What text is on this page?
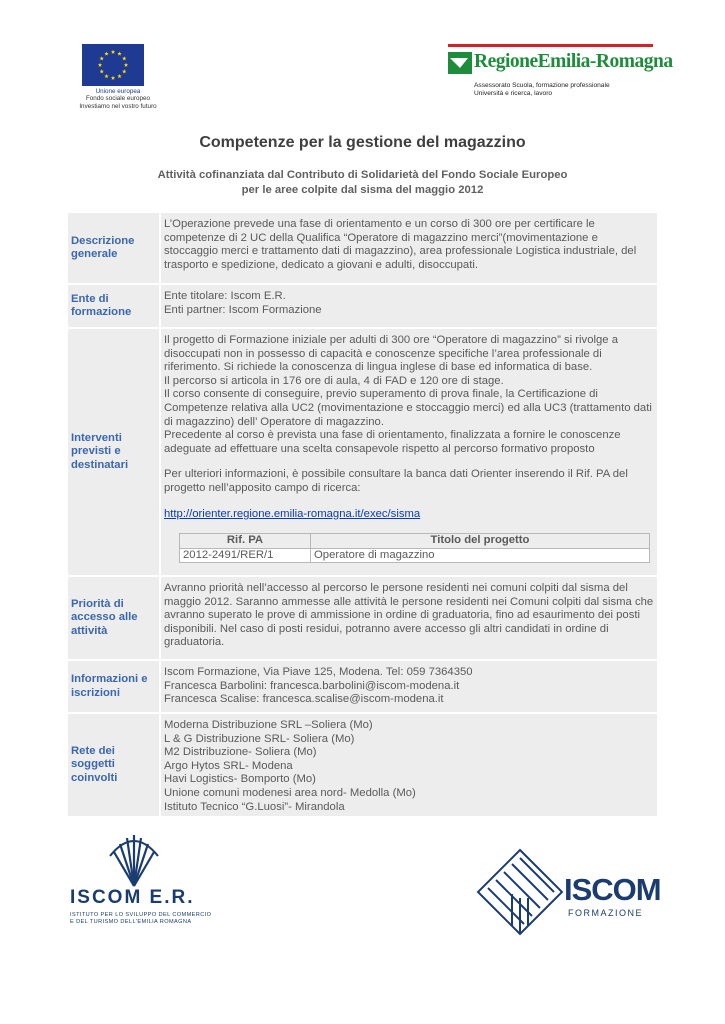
Unione europea
Fondo sociale europeo
Investiamo nel vostro futuro
RegioneEmilia-Romagna
Assessorato Scuola, formazione professionale
Università e ricerca, lavoro
Competenze per la gestione del magazzino
Attività cofinanziata dal Contributo di Solidarietà del Fondo Sociale Europeo
per le aree colpite dal sisma del maggio 2012
Descrizione generale
L’Operazione prevede una fase di orientamento e un corso di 300 ore per certificare le competenze di 2 UC della Qualifica “Operatore di magazzino merci”(movimentazione e stoccaggio merci e trattamento dati di magazzino), area professionale Logistica industriale, del trasporto e spedizione, dedicato a giovani e adulti, disoccupati.
Ente di formazione
Ente titolare: Iscom E.R.
Enti partner: Iscom Formazione
Interventi previsti e destinatari
Il progetto di Formazione iniziale per adulti di 300 ore “Operatore di magazzino” si rivolge a disoccupati non in possesso di capacità e conoscenze specifiche l’area professionale di riferimento. Si richiede la conoscenza di lingua inglese di base ed informatica di base.
Il percorso si articola in 176 ore di aula, 4 di FAD e 120 ore di stage.
Il corso consente di conseguire, previo superamento di prova finale, la Certificazione di Competenze relativa alla UC2 (movimentazione e stoccaggio merci) ed alla UC3 (trattamento dati di magazzino) dell’ Operatore di magazzino.
Precedente al corso è prevista una fase di orientamento, finalizzata a fornire le conoscenze adeguate ad effettuare una scelta consapevole rispetto al percorso formativo proposto
Per ulteriori informazioni, è possibile consultare la banca dati Orienter inserendo il Rif. PA del progetto nell’apposito campo di ricerca:
http://orienter.regione.emilia-romagna.it/exec/sisma
Rif. PA	Titolo del progetto
2012-2491/RER/1	Operatore di magazzino
Priorità di accesso alle attività
Avranno priorità nell’accesso al percorso le persone residenti nei comuni colpiti dal sisma del maggio 2012. Saranno ammesse alle attività le persone residenti nei Comuni colpiti dal sisma che avranno superato le prove di ammissione in ordine di graduatoria, fino ad esaurimento dei posti disponibili. Nel caso di posti residui, potranno avere accesso gli altri candidati in ordine di graduatoria.
Informazioni e iscrizioni
Iscom Formazione, Via Piave 125, Modena. Tel: 059 7364350
Francesca Barbolini: francesca.barbolini@iscom-modena.it
Francesca Scalise: francesca.scalise@iscom-modena.it
Rete dei soggetti coinvolti
Moderna Distribuzione SRL –Soliera (Mo)
L & G Distribuzione SRL- Soliera (Mo)
M2 Distribuzione- Soliera (Mo)
Argo Hytos SRL- Modena
Havi Logistics- Bomporto (Mo)
Unione comuni modenesi area nord- Medolla (Mo)
Istituto Tecnico “G.Luosi”- Mirandola
ISCOM E.R.
ISTITUTO PER LO SVILUPPO DEL COMMERCIO
E DEL TURISMO DELL'EMILIA ROMAGNA
ISCOM
FORMAZIONE
